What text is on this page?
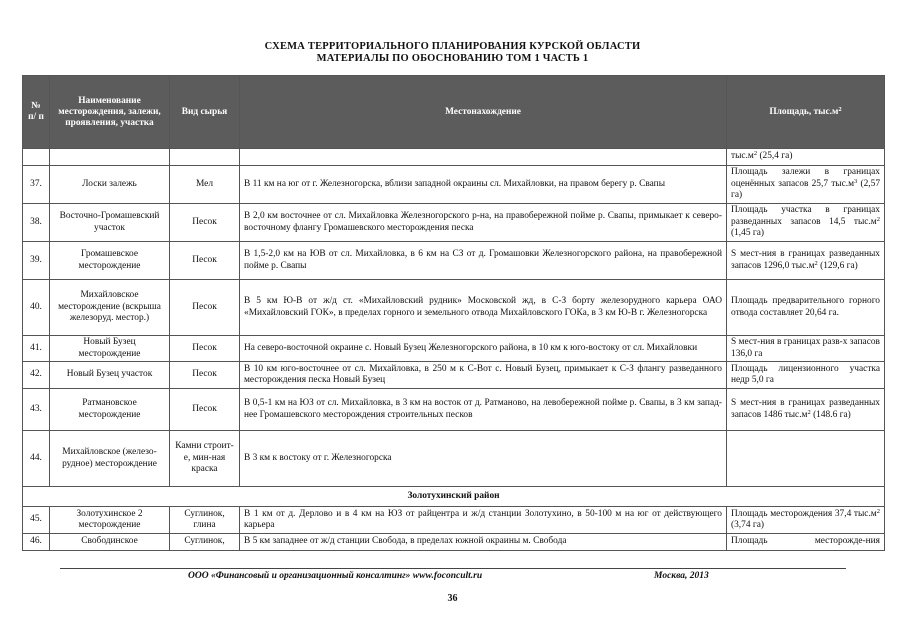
СХЕМА ТЕРРИТОРИАЛЬНОГО ПЛАНИРОВАНИЯ КУРСКОЙ ОБЛАСТИ
МАТЕРИАЛЫ ПО ОБОСНОВАНИЮ ТОМ 1 ЧАСТЬ 1
№ п/ п	Наименование месторождения, залежи, проявления, участка	Вид сырья	Местонахождение	Площадь, $тыс.м^2$
				$тыс.м^2$ (25,4 га)
37.	Лоски залежь	Мел	В 11 км на юг от г. Железногорска, вблизи западной окраины сл. Михайловки, на правом берегу р. Свапы	Площадь залежи в границах оценённых запасов 25,7 $тыс.м^3$ (2,57 га)
38.	Восточно-Громашевский участок	Песок	В 2,0 км восточнее от сл. Михайловка Железногорского р-на, на правобережной пойме р. Свапы, примыкает к северо-восточному флангу Громашевского месторождения песка	Площадь участка в границах разведанных запасов 14,5 $тыс.м^2$ (1,45 га)
39.	Громашевское месторождение	Песок	В 1,5-2,0 км на ЮВ от сл. Михайловка, в 6 км на СЗ от д. Громашовки Железногорского района, на правобережной пойме р. Свапы	S мест-ния в границах разведанных запасов 1296,0 $тыс.м^2$ (129,6 га)
40.	Михайловское месторождение (вскрыша железоруд. местор.)	Песок	В 5 км Ю-В от ж/д ст. «Михайловский рудник» Московской жд, в С-З борту железорудного карьера ОАО «Михайловский ГОК», в пределах горного и земельного отвода Михайловского ГОКа, в 3 км Ю-В г. Железногорска	Площадь предварительного горного отвода составляет 20,64 га.
41.	Новый Бузец месторождение	Песок	На северо-восточной окраине с. Новый Бузец Железногорского района, в 10 км к юго-востоку от сл. Михайловки	S мест-ния в границах разв-х запасов 136,0 га
42.	Новый Бузец участок	Песок	В 10 км юго-восточнее от сл. Михайловка, в 250 м к С-Вот с. Новый Бузец, примыкает к С-З флангу разведанного месторождения песка Новый Бузец	Площадь лицензионного участка недр 5,0 га
43.	Ратмановское месторождение	Песок	В 0,5-1 км на ЮЗ от сл. Михайловка, в 3 км на восток от д. Ратманово, на левобережной пойме р. Свапы, в 3 км запад-нее Громашевского месторождения строительных песков	S мест-ния в границах разведанных запасов 1486 $тыс.м^2$ (148.6 га)
44.	Михайловское (железо-рудное) месторождение	Камни строит-е, мин-ная краска	В 3 км к востоку от г. Железногорска	
Золотухинский район				
45.	Золотухинское 2 месторождение	Суглинок, глина	В 1 км от д. Дерлово и в 4 км на ЮЗ от райцентра и ж/д станции Золотухино, в 50-100 м на юг от действующего карьера	Площадь месторождения 37,4 $тыс.м^2$ (3,74 га)
46.	Свободинское	Суглинок,	В 5 км западнее от ж/д станции Свобода, в пределах южной окраины м. Свобода	Площадь месторожде-ния
ООО «Финансовый и организационный консалтинг» www.foconcult.ru	Москва, 2013
36
